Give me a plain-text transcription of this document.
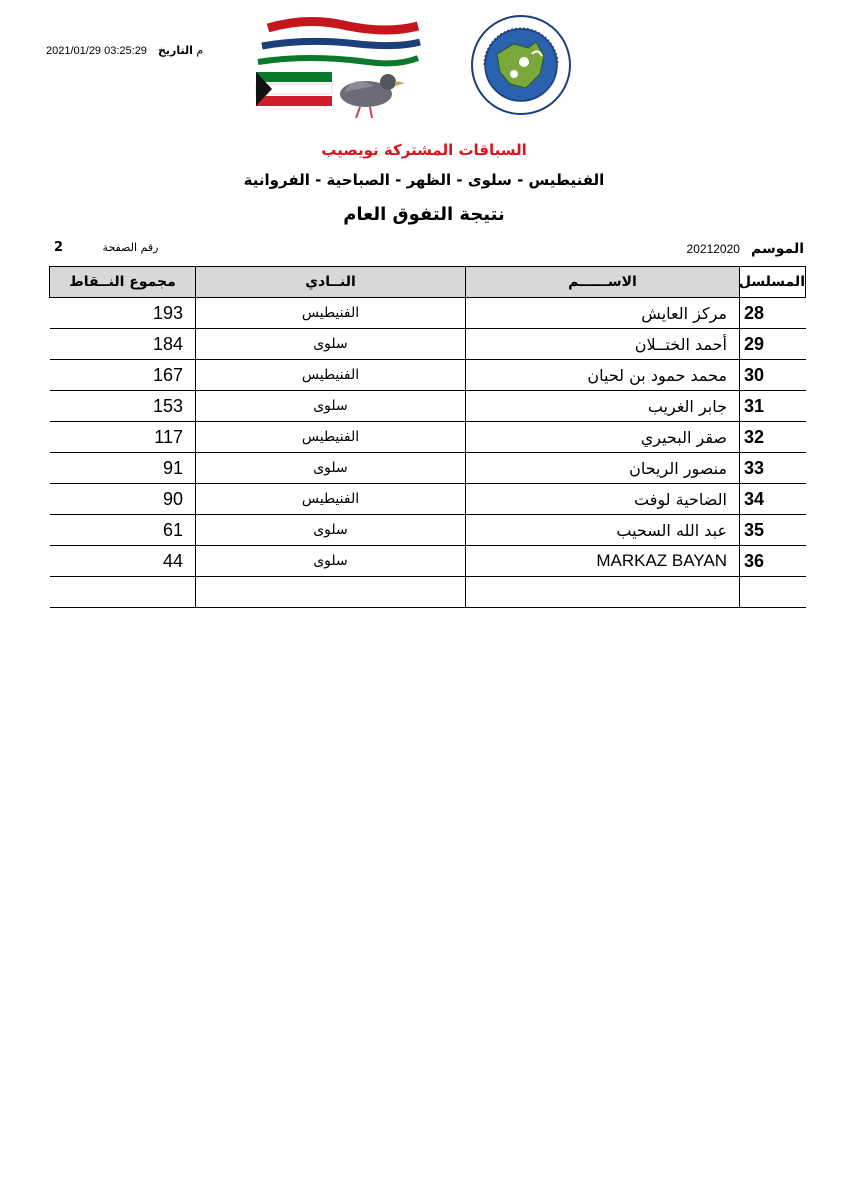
2021/01/29 03:25:29 م التاريخ
السباقات المشتركة نويصيب
الفنيطيس - سلوى - الظهر - الصباحية - الفروانية
نتيجة التفوق العام
الموسم 20212020
2	رقم الصفحة
المسلسل	الاســــــم	النــادي	مجموع النــقاط
28	مركز العايش	الفنيطيس	193
29	أحمد الختــلان	سلوى	184
30	محمد حمود بن لحيان	الفنيطيس	167
31	جابر الغريب	سلوى	153
32	صقر البحيري	الفنيطيس	117
33	منصور الريحان	سلوى	91
34	الضاحية لوفت	الفنيطيس	90
35	عبد الله السحيب	سلوى	61
36	MARKAZ BAYAN	سلوى	44
